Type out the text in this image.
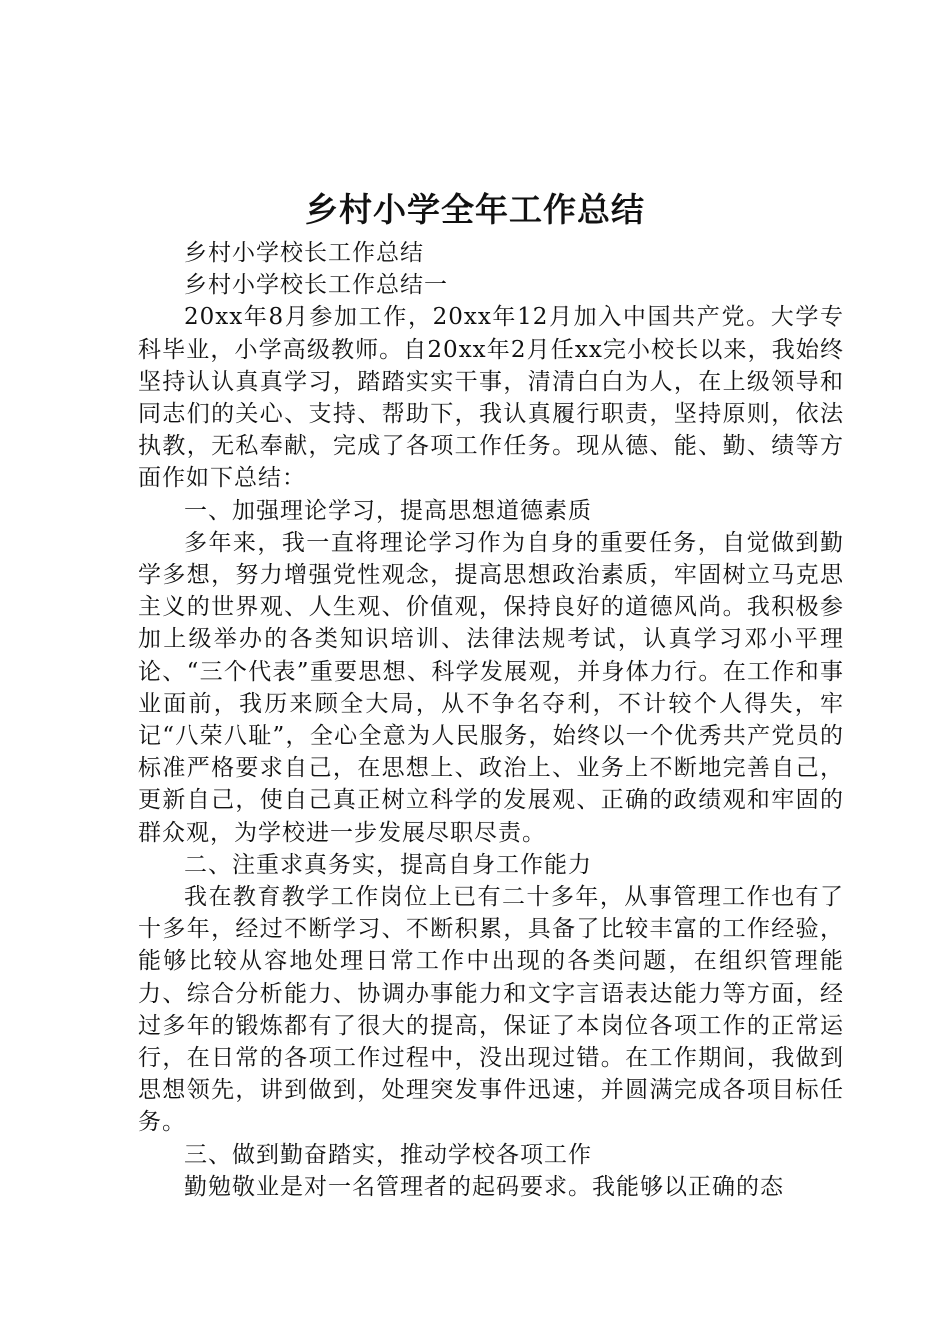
乡村小学全年工作总结

乡村小学校长工作总结

乡村小学校长工作总结一

20xx年8月参加工作，20xx年12月加入中国共产党。大学专科毕业，小学高级教师。自20xx年2月任xx完小校长以来，我始终坚持认认真真学习，踏踏实实干事，清清白白为人，在上级领导和同志们的关心、支持、帮助下，我认真履行职责，坚持原则，依法执教，无私奉献，完成了各项工作任务。现从德、能、勤、绩等方面作如下总结：

一、加强理论学习，提高思想道德素质

多年来，我一直将理论学习作为自身的重要任务，自觉做到勤学多想，努力增强党性观念，提高思想政治素质，牢固树立马克思主义的世界观、人生观、价值观，保持良好的道德风尚。我积极参加上级举办的各类知识培训、法律法规考试，认真学习邓小平理论、“三个代表”重要思想、科学发展观，并身体力行。在工作和事业面前，我历来顾全大局，从不争名夺利，不计较个人得失，牢记“八荣八耻”，全心全意为人民服务，始终以一个优秀共产党员的标准严格要求自己，在思想上、政治上、业务上不断地完善自己，更新自己，使自己真正树立科学的发展观、正确的政绩观和牢固的群众观，为学校进一步发展尽职尽责。

二、注重求真务实，提高自身工作能力

我在教育教学工作岗位上已有二十多年，从事管理工作也有了十多年，经过不断学习、不断积累，具备了比较丰富的工作经验，能够比较从容地处理日常工作中出现的各类问题，在组织管理能力、综合分析能力、协调办事能力和文字言语表达能力等方面，经过多年的锻炼都有了很大的提高，保证了本岗位各项工作的正常运行，在日常的各项工作过程中，没出现过错。在工作期间，我做到思想领先，讲到做到，处理突发事件迅速，并圆满完成各项目标任务。

三、做到勤奋踏实，推动学校各项工作

勤勉敬业是对一名管理者的起码要求。我能够以正确的态
